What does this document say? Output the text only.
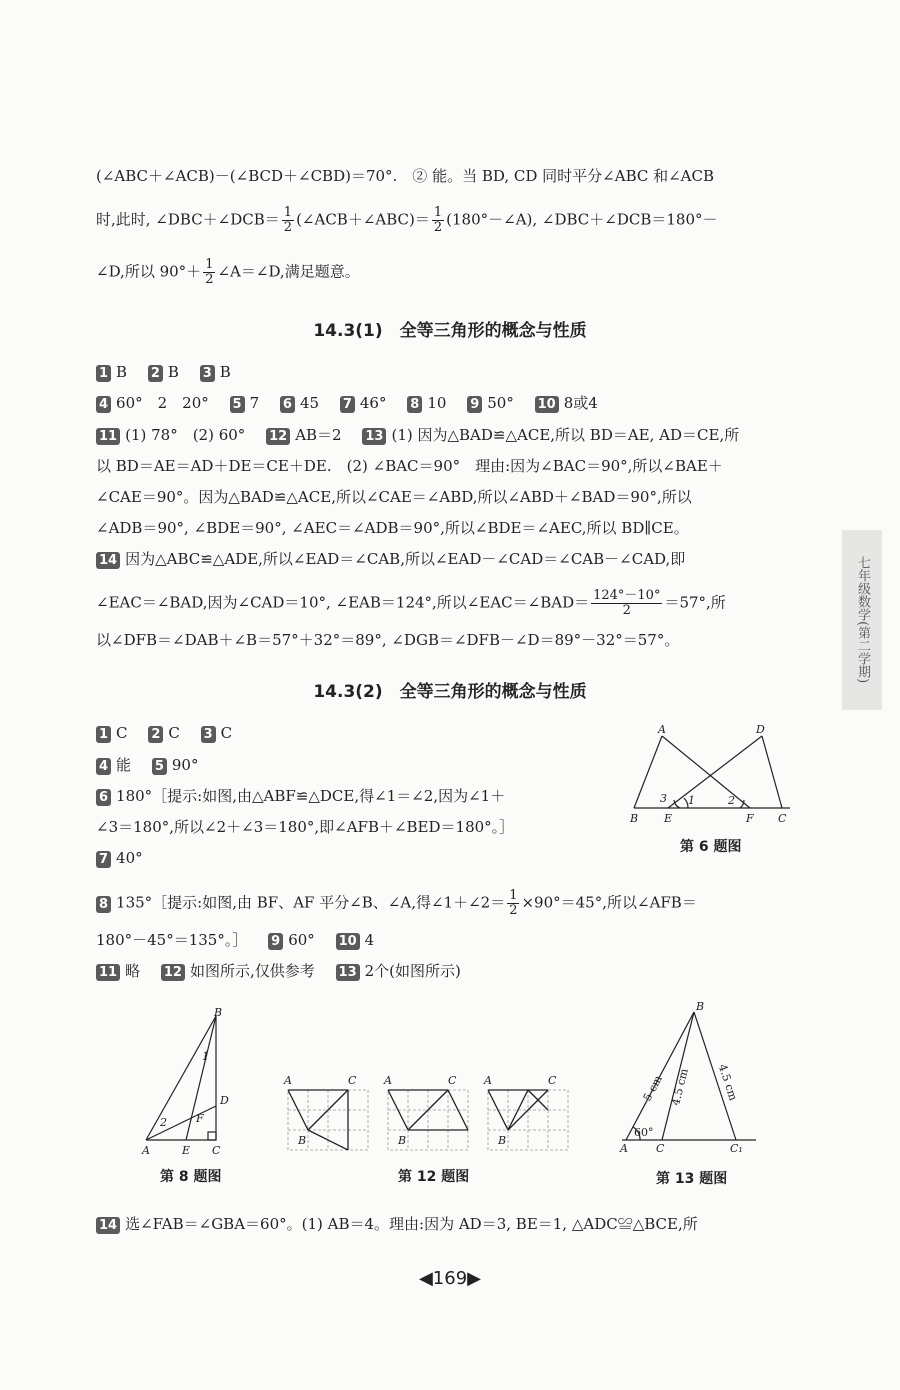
(∠ABC＋∠ACB)－(∠BCD＋∠CBD)＝70°.　② 能。当 BD, CD 同时平分∠ABC 和∠ACB
时,此时, ∠DBC＋∠DCB＝ $\frac{1}{2}$ (∠ACB＋∠ABC)＝ $\frac{1}{2}$ (180°－∠A), ∠DBC＋∠DCB＝180°－
∠D,所以 $90^\circ+ \frac{1}{2}$ ∠A＝∠D,满足题意。
14.3(1)　全等三角形的概念与性质
1 B 2 B 3 B
4 60°　2　20° 5 7 6 45 7 46° 8 10 9 50° 10 8或4
11 (1) 78°　(2) 60° 12 AB＝2 13 (1) 因为△BAD≌△ACE,所以 BD＝AE, AD＝CE,所
以 BD＝AE＝AD＋DE＝CE＋DE.　(2) ∠BAC＝90°　理由:因为∠BAC＝90°,所以∠BAE＋
∠CAE＝90°。因为△BAD≌△ACE,所以∠CAE＝∠ABD,所以∠ABD＋∠BAD＝90°,所以
∠ADB＝90°, ∠BDE＝90°, ∠AEC＝∠ADB＝90°,所以∠BDE＝∠AEC,所以 BD∥CE。
14 因为△ABC≌△ADE,所以∠EAD＝∠CAB,所以∠EAD－∠CAD＝∠CAB－∠CAD,即
∠EAC＝∠BAD,因为∠CAD＝10°, ∠EAB＝124°,所以∠EAC＝∠BAD＝ $\frac{124^\circ-10^\circ}{2} =57^\circ$,所
以∠DFB＝∠DAB＋∠B＝57°＋32°＝89°, ∠DGB＝∠DFB－∠D＝89°－32°＝57°。
14.3(2)　全等三角形的概念与性质
1 C 2 C 3 C
4 能 5 90°
6 180°［提示:如图,由△ABF≌△DCE,得∠1＝∠2,因为∠1＋
∠3＝180°,所以∠2＋∠3＝180°,即∠AFB＋∠BED＝180°。］
7 40°
A	D
B E	F C
1	2
3
第 6 题图
8 135°［提示:如图,由 BF、AF 平分∠B、∠A,得∠1＋∠2＝ $\frac{1}{2} \times 90^\circ=45^\circ$,所以∠AFB＝
180°－45°＝135°。］ 9 60° 10 4
11 略 12 如图所示,仅供参考 13 2个(如图所示)
B
D
F
A	E C
1
2
第 8 题图
A	C
B
A	C
B
A	C
B
第 12 题图
B
A	C	C₁
60°
5 cm 4.5 cm 4.5 cm
第 13 题图
14 选∠FAB＝∠GBA＝60°。(1) AB＝4。理由:因为 AD＝3, BE＝1, △ADC≌△BCE,所
七年级数学(第二学期)
◀169▶
